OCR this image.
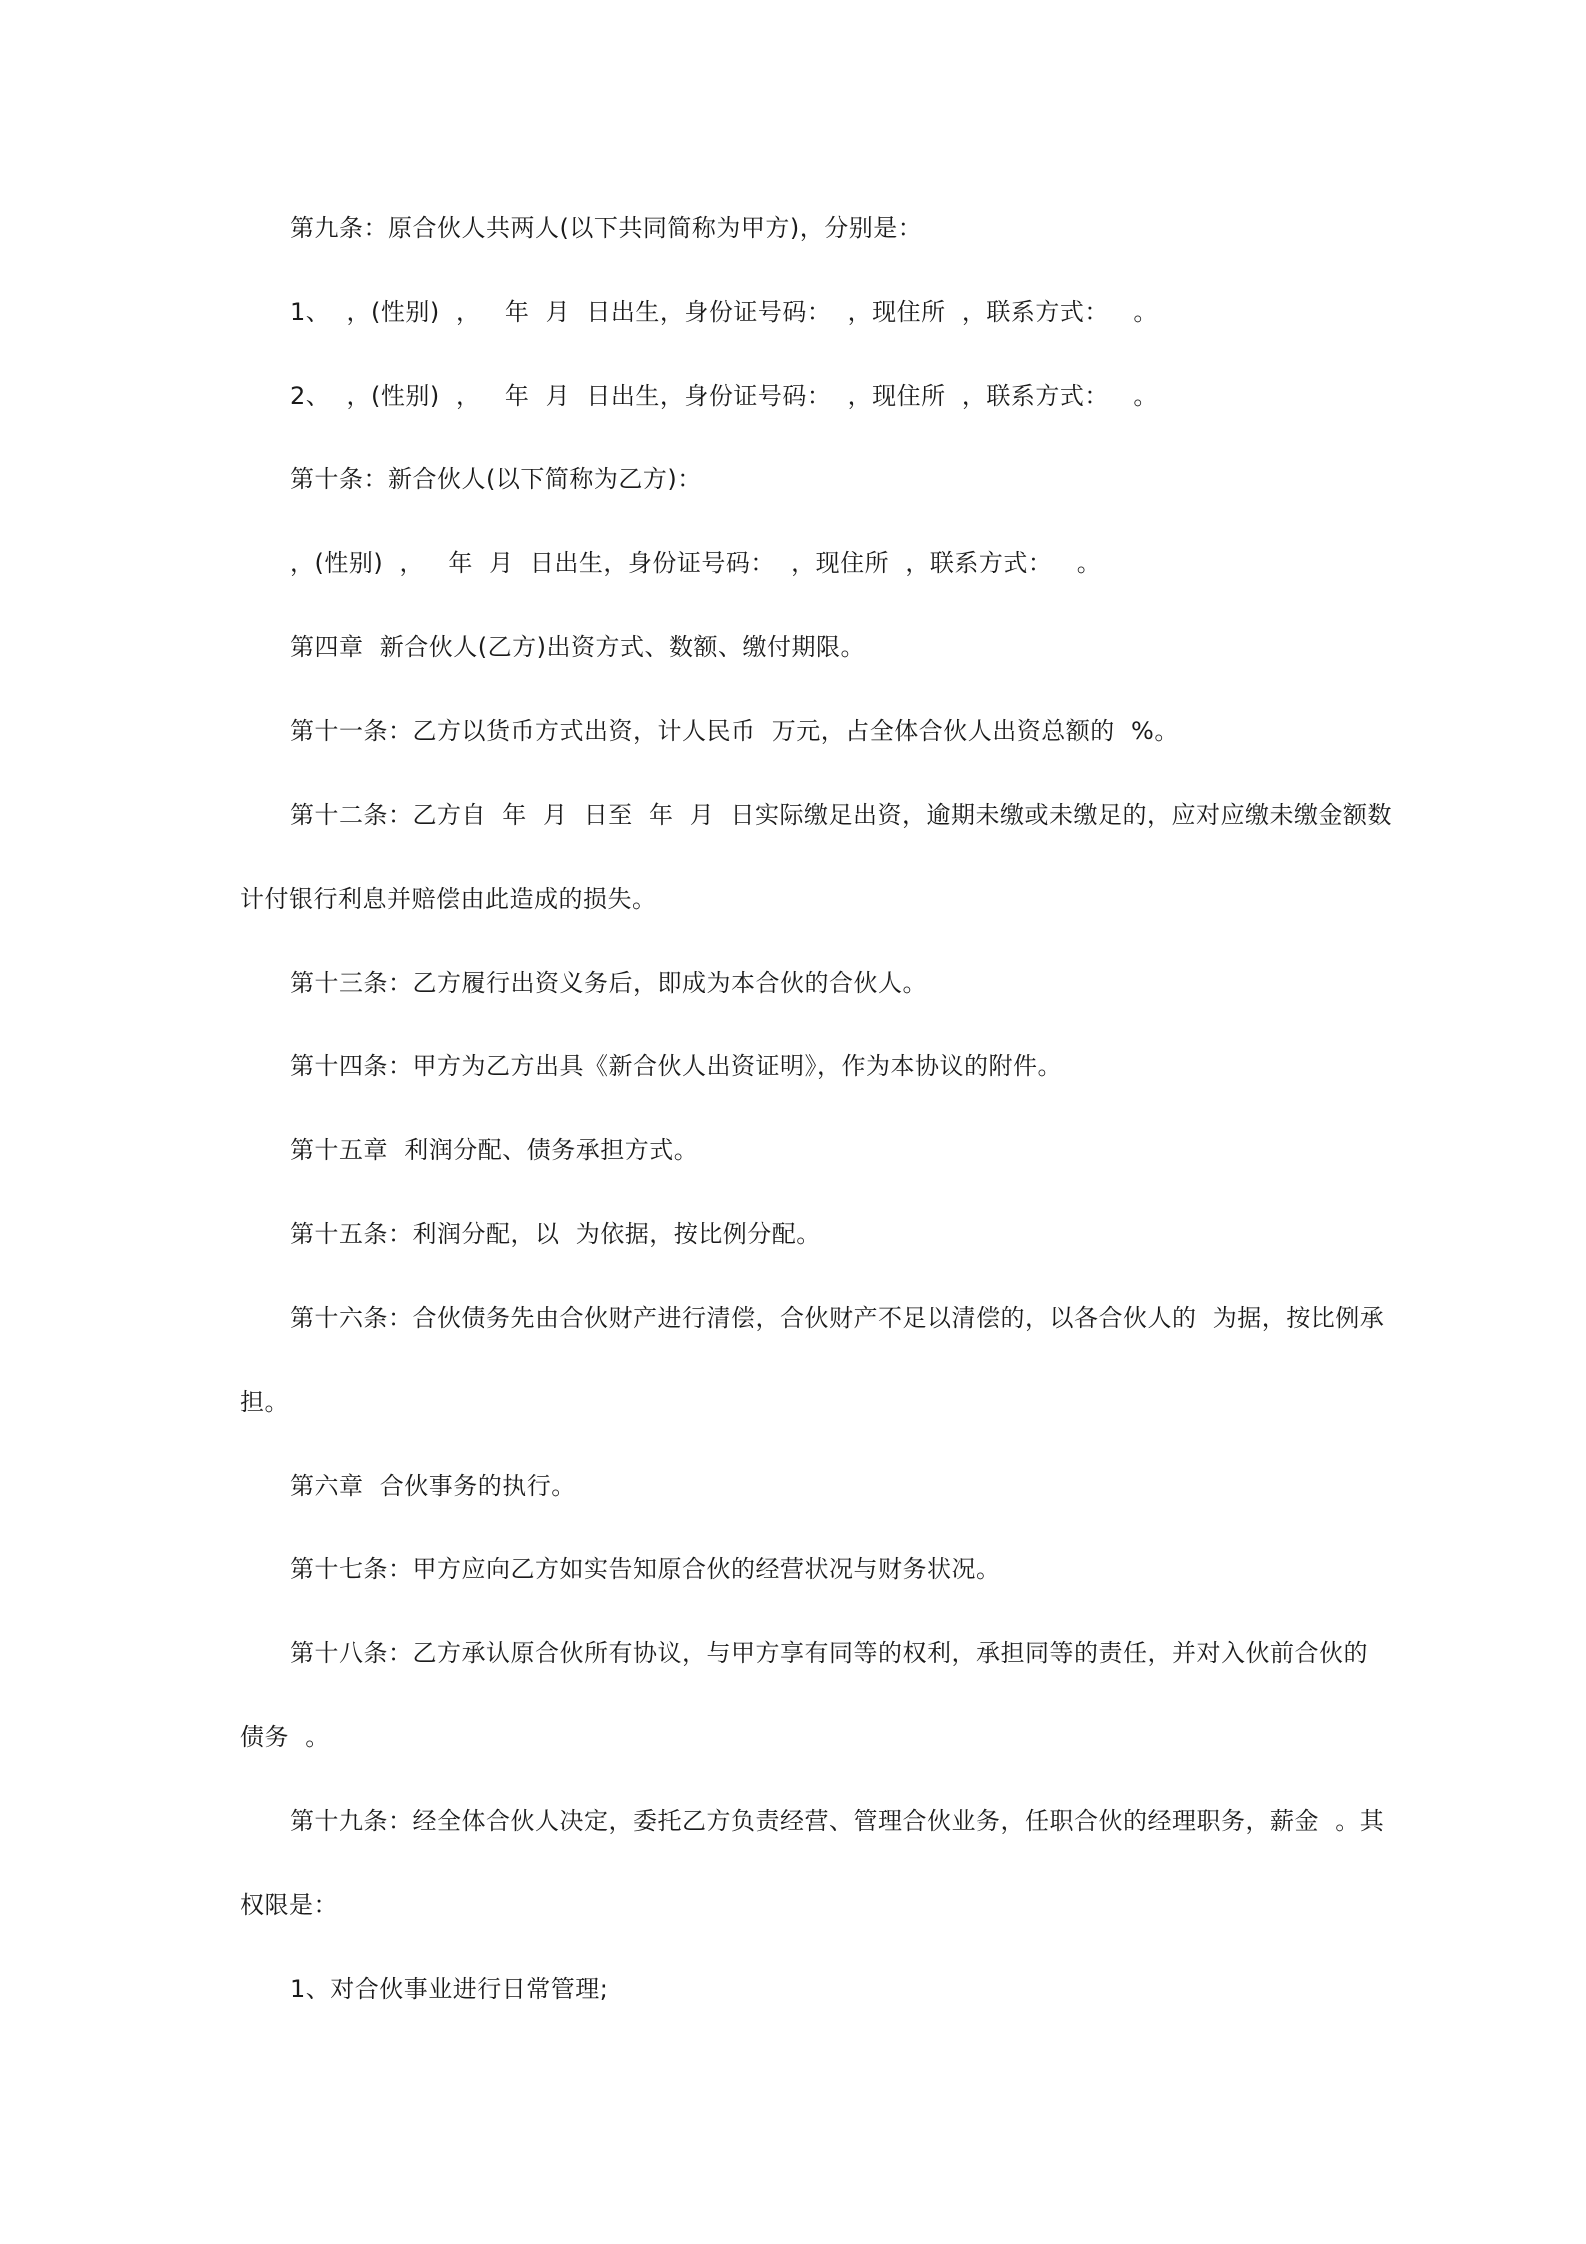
第九条：原合伙人共两人(以下共同简称为甲方)，分别是：
1、  ，(性别)  ，   年  月  日出生，身份证号码：  ，现住所  ，联系方式：   。
2、  ，(性别)  ，   年  月  日出生，身份证号码：  ，现住所  ，联系方式：   。
第十条：新合伙人(以下简称为乙方)：
，(性别)  ，   年  月  日出生，身份证号码：  ，现住所  ，联系方式：   。
第四章  新合伙人(乙方)出资方式、数额、缴付期限。
第十一条：乙方以货币方式出资，计人民币  万元，占全体合伙人出资总额的  %。
第十二条：乙方自  年  月  日至  年  月  日实际缴足出资，逾期未缴或未缴足的，应对应缴未缴金额数
计付银行利息并赔偿由此造成的损失。
第十三条：乙方履行出资义务后，即成为本合伙的合伙人。
第十四条：甲方为乙方出具《新合伙人出资证明》，作为本协议的附件。
第十五章  利润分配、债务承担方式。
第十五条：利润分配，以  为依据，按比例分配。
第十六条：合伙债务先由合伙财产进行清偿，合伙财产不足以清偿的，以各合伙人的  为据，按比例承
担。
第六章  合伙事务的执行。
第十七条：甲方应向乙方如实告知原合伙的经营状况与财务状况。
第十八条：乙方承认原合伙所有协议，与甲方享有同等的权利，承担同等的责任，并对入伙前合伙的
债务  。
第十九条：经全体合伙人决定，委托乙方负责经营、管理合伙业务，任职合伙的经理职务，薪金  。其
权限是：
1、对合伙事业进行日常管理;
